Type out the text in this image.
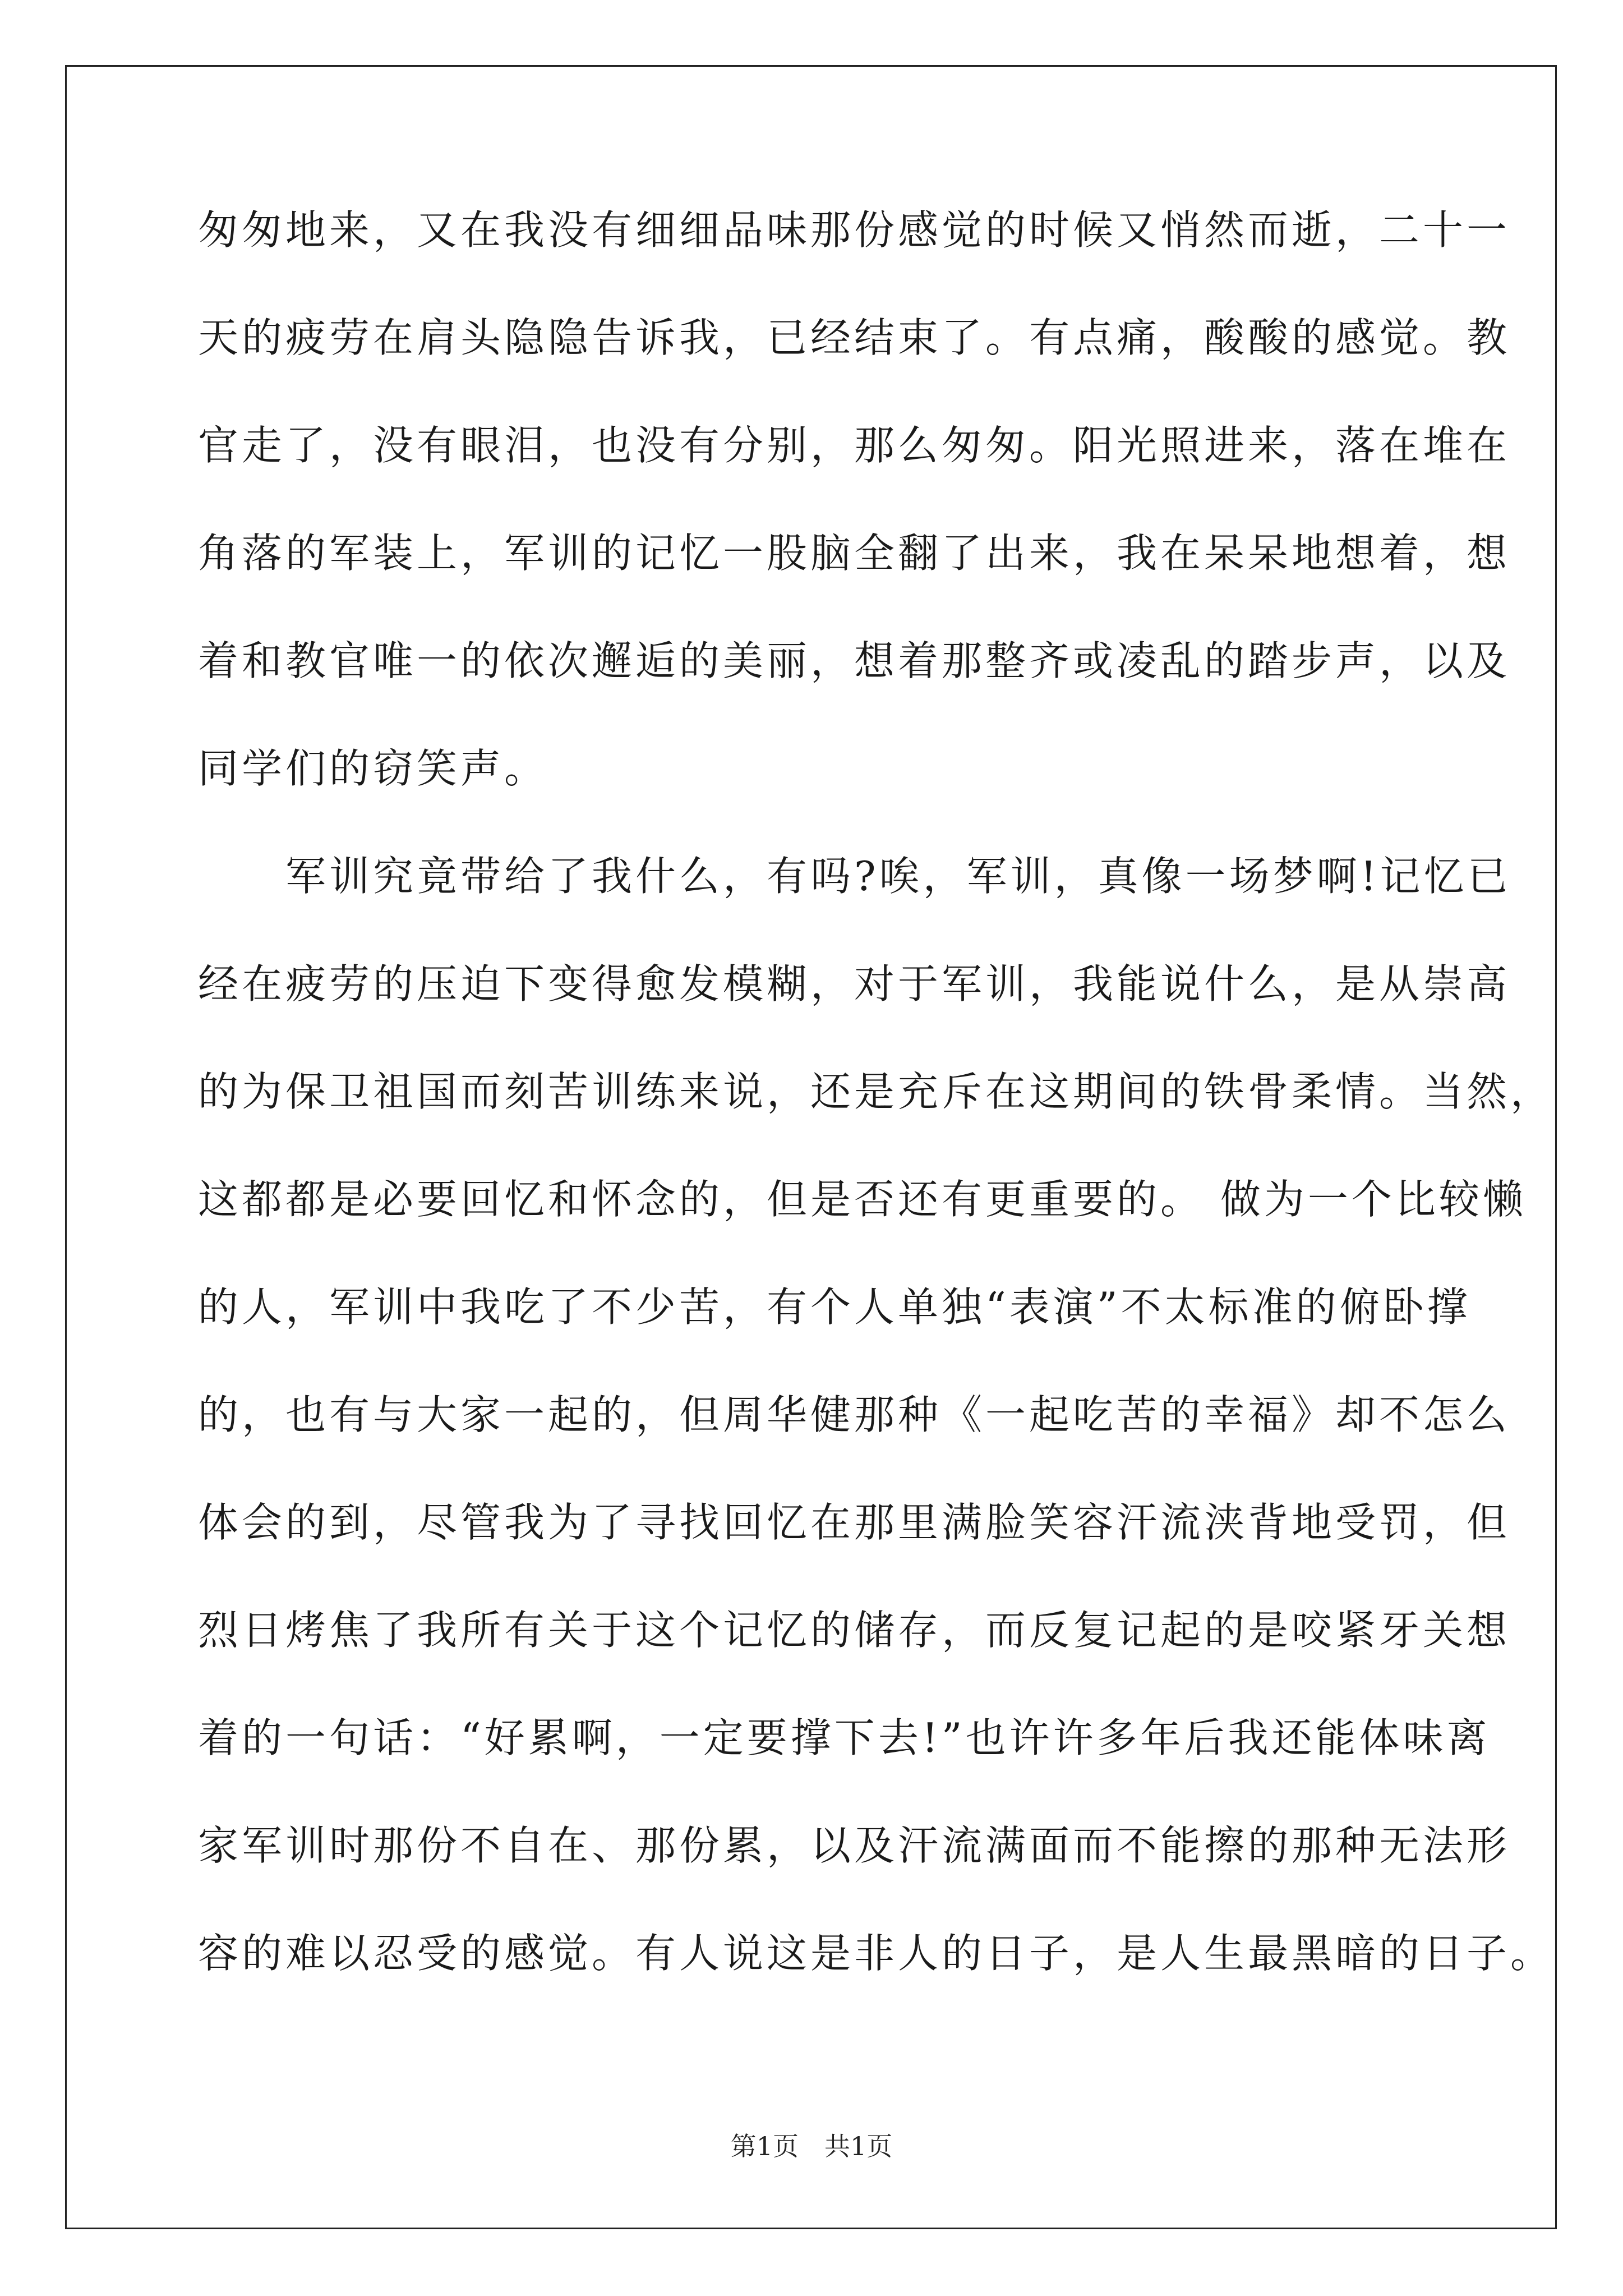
匆匆地来，又在我没有细细品味那份感觉的时候又悄然而逝，二十一
天的疲劳在肩头隐隐告诉我，已经结束了。有点痛，酸酸的感觉。教
官走了，没有眼泪，也没有分别，那么匆匆。阳光照进来，落在堆在
角落的军装上，军训的记忆一股脑全翻了出来，我在呆呆地想着，想
着和教官唯一的依次邂逅的美丽，想着那整齐或凌乱的踏步声，以及
同学们的窃笑声。
　　军训究竟带给了我什么，有吗?唉，军训，真像一场梦啊!记忆已
经在疲劳的压迫下变得愈发模糊，对于军训，我能说什么，是从崇高
的为保卫祖国而刻苦训练来说，还是充斥在这期间的铁骨柔情。当然，
这都都是必要回忆和怀念的，但是否还有更重要的。 做为一个比较懒
的人，军训中我吃了不少苦，有个人单独“表演”不太标准的俯卧撑
的，也有与大家一起的，但周华健那种《一起吃苦的幸福》却不怎么
体会的到，尽管我为了寻找回忆在那里满脸笑容汗流浃背地受罚，但
烈日烤焦了我所有关于这个记忆的储存，而反复记起的是咬紧牙关想
着的一句话：“好累啊，一定要撑下去!”也许许多年后我还能体味离
家军训时那份不自在、那份累，以及汗流满面而不能擦的那种无法形
容的难以忍受的感觉。有人说这是非人的日子，是人生最黑暗的日子。
第1页　共1页
